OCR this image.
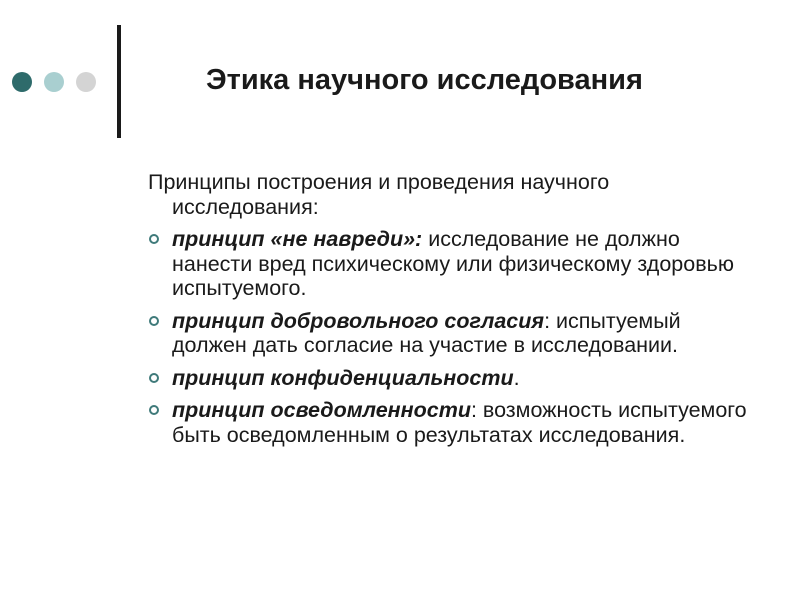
Этика научного исследования

Принципы построения и проведения научного
исследования:

принцип «не навреди»: исследование не должно нанести вред психическому или физическому здоровью испытуемого.
принцип добровольного согласия: испытуемый должен дать согласие на участие в исследовании.
принцип конфиденциальности.
принцип осведомленности: возможность испытуемого быть осведомленным о результатах исследования.
